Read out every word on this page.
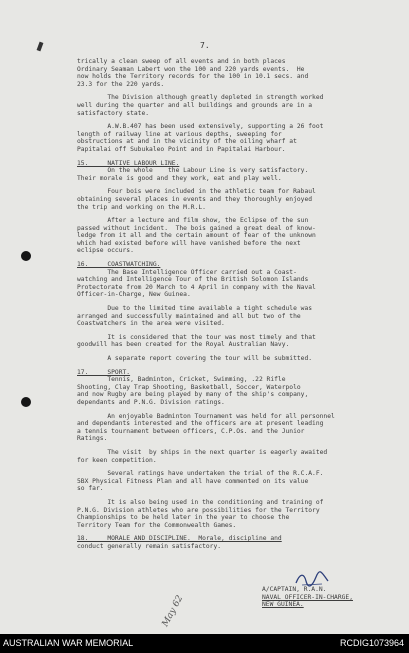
7.
trically a clean sweep of all events and in both places
Ordinary Seaman Labert won the 100 and 220 yards events.  He
now holds the Territory records for the 100 in 10.1 secs. and
23.3 for the 220 yards.
The Division although greatly depleted in strength worked
well during the quarter and all buildings and grounds are in a
satisfactory state.
A.W.B.407 has been used extensively, supporting a 26 foot
length of railway line at various depths, sweeping for
obstructions at and in the vicinity of the oiling wharf at
Papitalai off Subukaleo Point and in Papitalai Harbour.
15.     NATIVE LABOUR LINE.
On the whole    the Labour Line is very satisfactory.
Their morale is good and they work, eat and play well.
Four bois were included in the athletic team for Rabaul
obtaining several places in events and they thoroughly enjoyed
the trip and working on the M.R.L.
After a lecture and film show, the Eclipse of the sun
passed without incident.  The bois gained a great deal of know-
ledge from it all and the certain amount of fear of the unknown
which had existed before will have vanished before the next
eclipse occurs.
16.     COASTWATCHING.
The Base Intelligence Officer carried out a Coast-
watching and Intelligence Tour of the British Solomon Islands
Protectorate from 20 March to 4 April in company with the Naval
Officer-in-Charge, New Guinea.
Due to the limited time available a tight schedule was
arranged and successfully maintained and all but two of the
Coastwatchers in the area were visited.
It is considered that the tour was most timely and that
goodwill has been created for the Royal Australian Navy.
A separate report covering the tour will be submitted.
17.     SPORT.
Tennis, Badminton, Cricket, Swimming, .22 Rifle
Shooting, Clay Trap Shooting, Basketball, Soccer, Waterpolo
and now Rugby are being played by many of the ship's company,
dependants and P.N.G. Division ratings.
An enjoyable Badminton Tournament was held for all personnel
and dependants interested and the officers are at present leading
a tennis tournament between officers, C.P.Os. and the Junior
Ratings.
The visit  by ships in the next quarter is eagerly awaited
for keen competition.
Several ratings have undertaken the trial of the R.C.A.F.
5BX Physical Fitness Plan and all have commented on its value
so far.
It is also being used in the conditioning and training of
P.N.G. Division athletes who are possibilities for the Territory
Championships to be held later in the year to choose the
Territory Team for the Commonwealth Games.
18.     MORALE AND DISCIPLINE.  Morale, discipline and
conduct generally remain satisfactory.
A/CAPTAIN, R.A.N.
NAVAL OFFICER-IN-CHARGE,
NEW GUINEA.
May 62
AUSTRALIAN WAR MEMORIAL	RCDIG1073964
